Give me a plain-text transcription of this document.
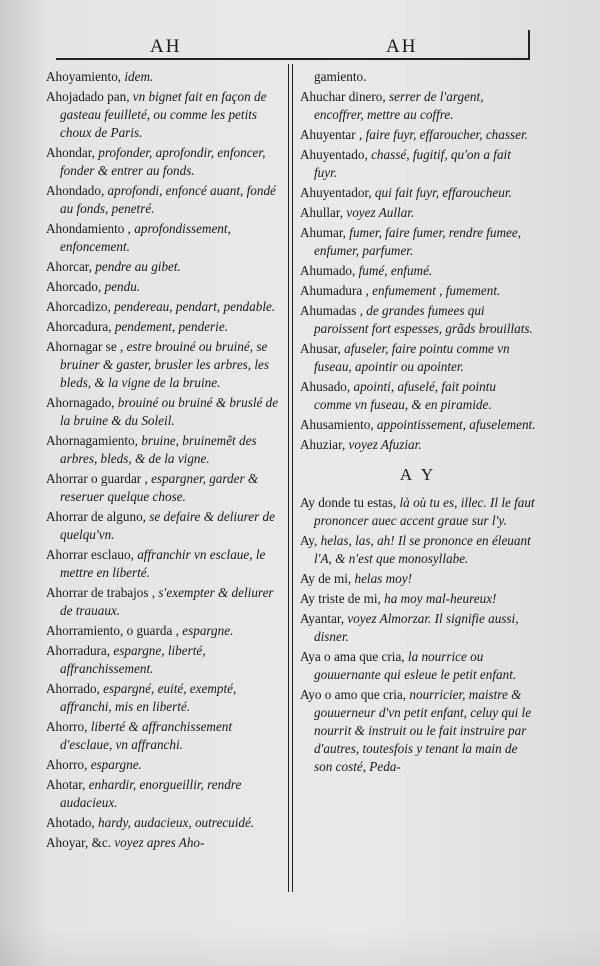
AH	AH
Ahoyamiento, idem.
Ahojadado pan, vn bignet fait en façon de gasteau feuilleté, ou comme les petits choux de Paris.
Ahondar, profonder, aprofondir, enfoncer, fonder & entrer au fonds.
Ahondado, aprofondi, enfoncé auant, fondé au fonds, penetré.
Ahondamiento , aprofondissement, enfoncement.
Ahorcar, pendre au gibet.
Ahorcado, pendu.
Ahorcadizo, pendereau, pendart, pendable.
Ahorcadura, pendement, penderie.
Ahornagar se , estre brouiné ou bruiné, se bruiner & gaster, brusler les arbres, les bleds, & la vigne de la bruine.
Ahornagado, brouiné ou bruiné & bruslé de la bruine & du Soleil.
Ahornagamiento, bruine, bruinemẽt des arbres, bleds, & de la vigne.
Ahorrar o guardar , espargner, garder & reseruer quelque chose.
Ahorrar de alguno, se defaire & deliurer de quelqu'vn.
Ahorrar esclauo, affranchir vn esclaue, le mettre en liberté.
Ahorrar de trabajos , s'exempter & deliurer de trauaux.
Ahorramiento, o guarda , espargne.
Ahorradura, espargne, liberté, affranchissement.
Ahorrado, espargné, euité, exempté, affranchi, mis en liberté.
Ahorro, liberté & affranchissement d'esclaue, vn affranchi.
Ahorro, espargne.
Ahotar, enhardir, enorgueillir, rendre audacieux.
Ahotado, hardy, audacieux, outrecuidé.
Ahoyar, &c. voyez apres Aho-
gamiento.
Ahuchar dinero, serrer de l'argent, encoffrer, mettre au coffre.
Ahuyentar , faire fuyr, effaroucher, chasser.
Ahuyentado, chassé, fugitif, qu'on a fait fuyr.
Ahuyentador, qui fait fuyr, effaroucheur.
Ahullar, voyez Aullar.
Ahumar, fumer, faire fumer, rendre fumee, enfumer, parfumer.
Ahumado, fumé, enfumé.
Ahumadura , enfumement , fumement.
Ahumadas , de grandes fumees qui paroissent fort espesses, grãds brouillats.
Ahusar, afuseler, faire pointu comme vn fuseau, apointir ou apointer.
Ahusado, apointi, afuselé, fait pointu comme vn fuseau, & en piramide.
Ahusamiento, appointissement, afuselement.
Ahuziar, voyez Afuziar.
A Y
Ay donde tu estas, là où tu es, illec. Il le faut prononcer auec accent graue sur l'y.
Ay, helas, las, ah! Il se prononce en éleuant l'A, & n'est que monosyllabe.
Ay de mi, helas moy!
Ay triste de mi, ha moy mal-heureux!
Ayantar, voyez Almorzar. Il signifie aussi, disner.
Aya o ama que cria, la nourrice ou gouuernante qui esleue le petit enfant.
Ayo o amo que cria, nourricier, maistre & gouuerneur d'vn petit enfant, celuy qui le nourrit & instruit ou le fait instruire par d'autres, toutesfois y tenant la main de son costé, Peda-
